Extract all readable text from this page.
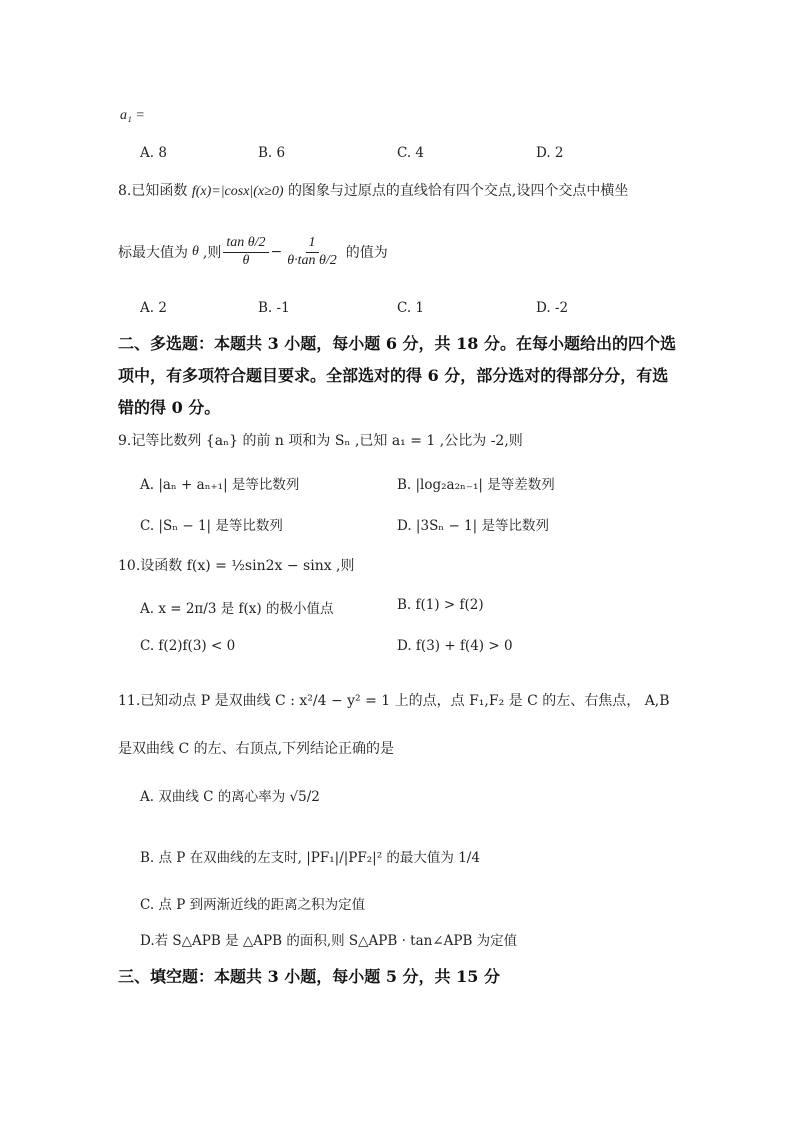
a₁ =
A. 8	B. 6	C. 4	D. 2
8.已知函数 f(x)=|cosx|(x≥0) 的图象与过原点的直线恰有四个交点,设四个交点中横坐
标最大值为 θ ,则 $\frac{\text{tan θ/2}}{\theta} - \frac{1}{\text{θ·tan θ/2}}$ 的值为
A. 2	B. -1	C. 1	D. -2
二、多选题：本题共 3 小题，每小题 6 分，共 18 分。在每小题给出的四个选
项中，有多项符合题目要求。全部选对的得 6 分，部分选对的得部分分，有选
错的得 0 分。
9.记等比数列 {aₙ} 的前 n 项和为 Sₙ ,已知 a₁ = 1 ,公比为 -2,则
A. |aₙ + aₙ₊₁| 是等比数列	B. |log₂a₂ₙ₋₁| 是等差数列
C. |Sₙ − 1| 是等比数列	D. |3Sₙ − 1| 是等比数列
10.设函数 f(x) = ½sin2x − sinx ,则
A. x = 2π/3 是 f(x) 的极小值点	B. f(1) > f(2)
C. f(2)f(3) < 0	D. f(3) + f(4) > 0
11.已知动点 P 是双曲线 C : x²/4 − y² = 1 上的点，点 F₁,F₂ 是 C 的左、右焦点， A,B
是双曲线 C 的左、右顶点,下列结论正确的是
A. 双曲线 C 的离心率为 √5/2
B. 点 P 在双曲线的左支时, |PF₁|/|PF₂|² 的最大值为 1/4
C. 点 P 到两渐近线的距离之积为定值
D.若 S△APB 是 △APB 的面积,则 S△APB · tan∠APB 为定值
三、填空题：本题共 3 小题，每小题 5 分，共 15 分
